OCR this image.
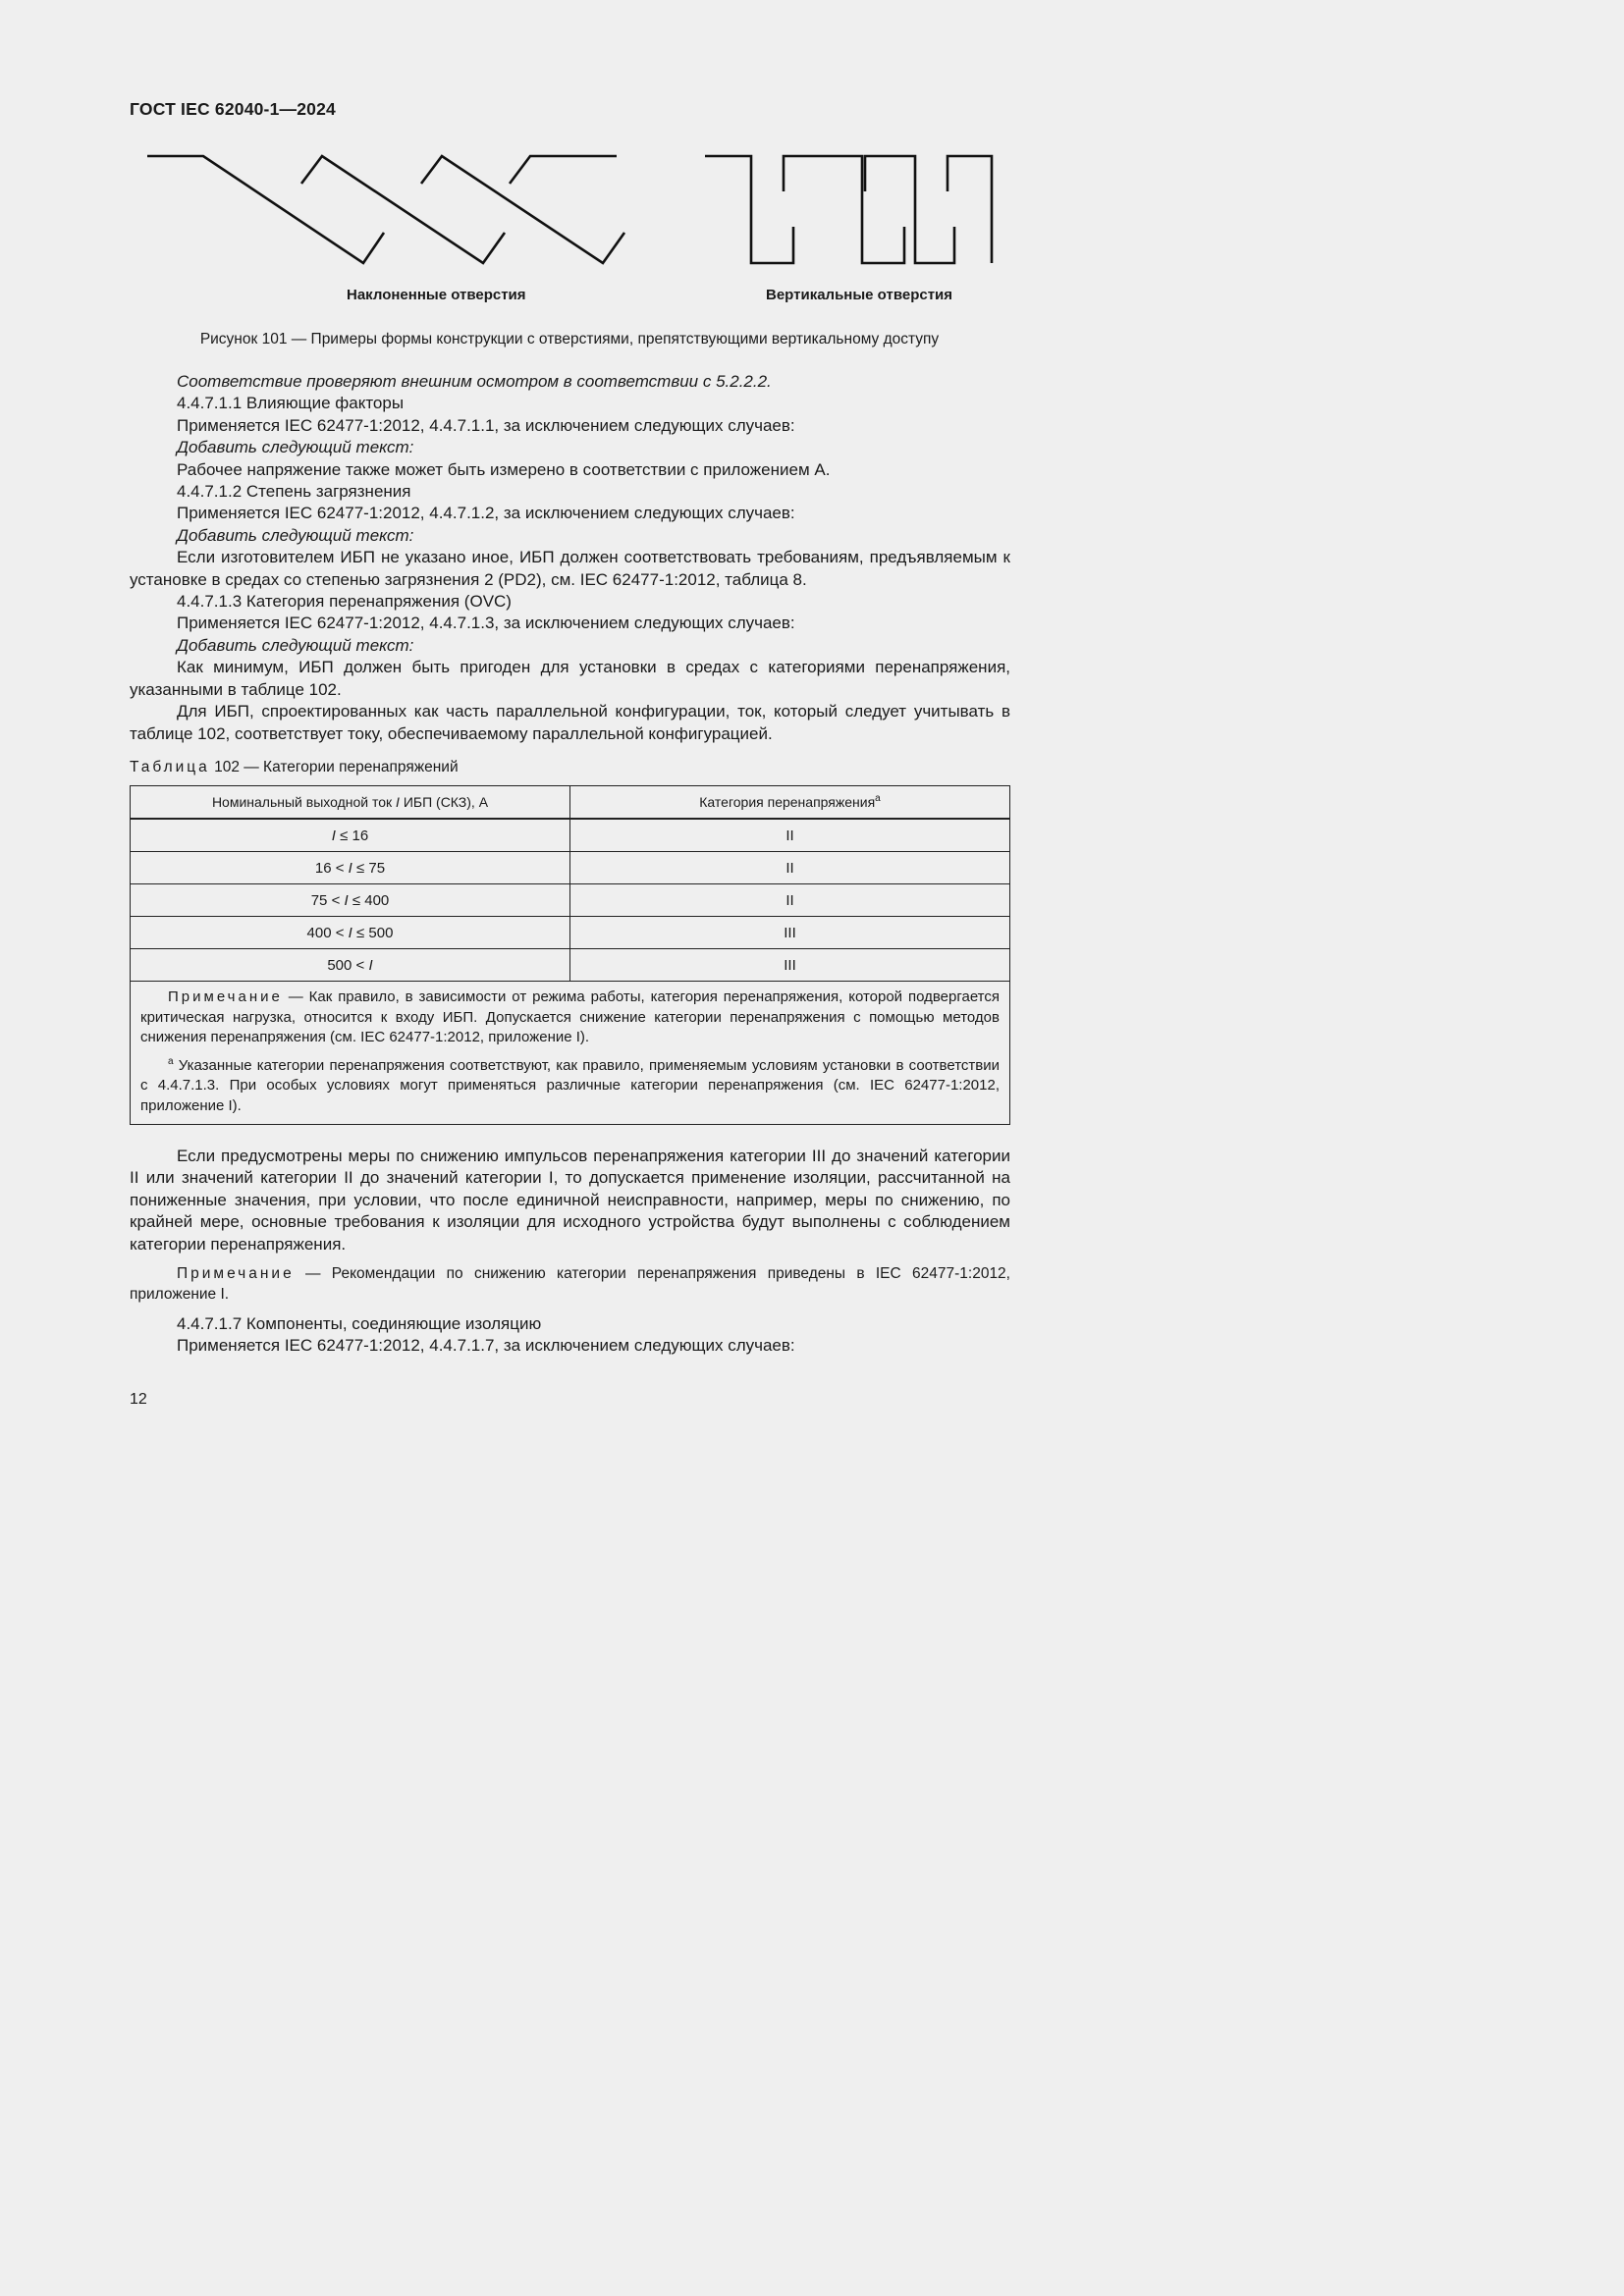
ГОСТ IEC 62040-1—2024
Наклоненные отверстия	Вертикальные отверстия
Рисунок 101 — Примеры формы конструкции с отверстиями, препятствующими вертикальному доступу

Соответствие проверяют внешним осмотром в соответствии с 5.2.2.2.

4.4.7.1.1 Влияющие факторы

Применяется IEC 62477-1:2012, 4.4.7.1.1, за исключением следующих случаев:

Добавить следующий текст:

Рабочее напряжение также может быть измерено в соответствии с приложением А.

4.4.7.1.2 Степень загрязнения

Применяется IEC 62477-1:2012, 4.4.7.1.2, за исключением следующих случаев:

Добавить следующий текст:

Если изготовителем ИБП не указано иное, ИБП должен соответствовать требованиям, предъявляемым к установке в средах со степенью загрязнения 2 (PD2), см. IEC 62477-1:2012, таблица 8.

4.4.7.1.3 Категория перенапряжения (OVC)

Применяется IEC 62477-1:2012, 4.4.7.1.3, за исключением следующих случаев:

Добавить следующий текст:

Как минимум, ИБП должен быть пригоден для установки в средах с категориями перенапряжения, указанными в таблице 102.

Для ИБП, спроектированных как часть параллельной конфигурации, ток, который следует учитывать в таблице 102, соответствует току, обеспечиваемому параллельной конфигурацией.

Таблица 102 — Категории перенапряжений
Номинальный выходной ток I ИБП (СКЗ), А	Категория перенапряжения$^a$
I ≤ 16	II
16 < I ≤ 75	II
75 < I ≤ 400	II
400 < I ≤ 500	III
500 < I	III

Примечание — Как правило, в зависимости от режима работы, категория перенапряжения, которой подвергается критическая нагрузка, относится к входу ИБП. Допускается снижение категории перенапряжения с помощью методов снижения перенапряжения (см. IEC 62477-1:2012, приложение I).

$^a$ Указанные категории перенапряжения соответствуют, как правило, применяемым условиям установки в соответствии с 4.4.7.1.3. При особых условиях могут применяться различные категории перенапряжения (см. IEC 62477-1:2012, приложение I).	

Если предусмотрены меры по снижению импульсов перенапряжения категории III до значений категории II или значений категории II до значений категории I, то допускается применение изоляции, рассчитанной на пониженные значения, при условии, что после единичной неисправности, например, меры по снижению, по крайней мере, основные требования к изоляции для исходного устройства будут выполнены с соблюдением категории перенапряжения.

Примечание — Рекомендации по снижению категории перенапряжения приведены в IEC 62477-1:2012, приложение I.

4.4.7.1.7 Компоненты, соединяющие изоляцию

Применяется IEC 62477-1:2012, 4.4.7.1.7, за исключением следующих случаев:

12
